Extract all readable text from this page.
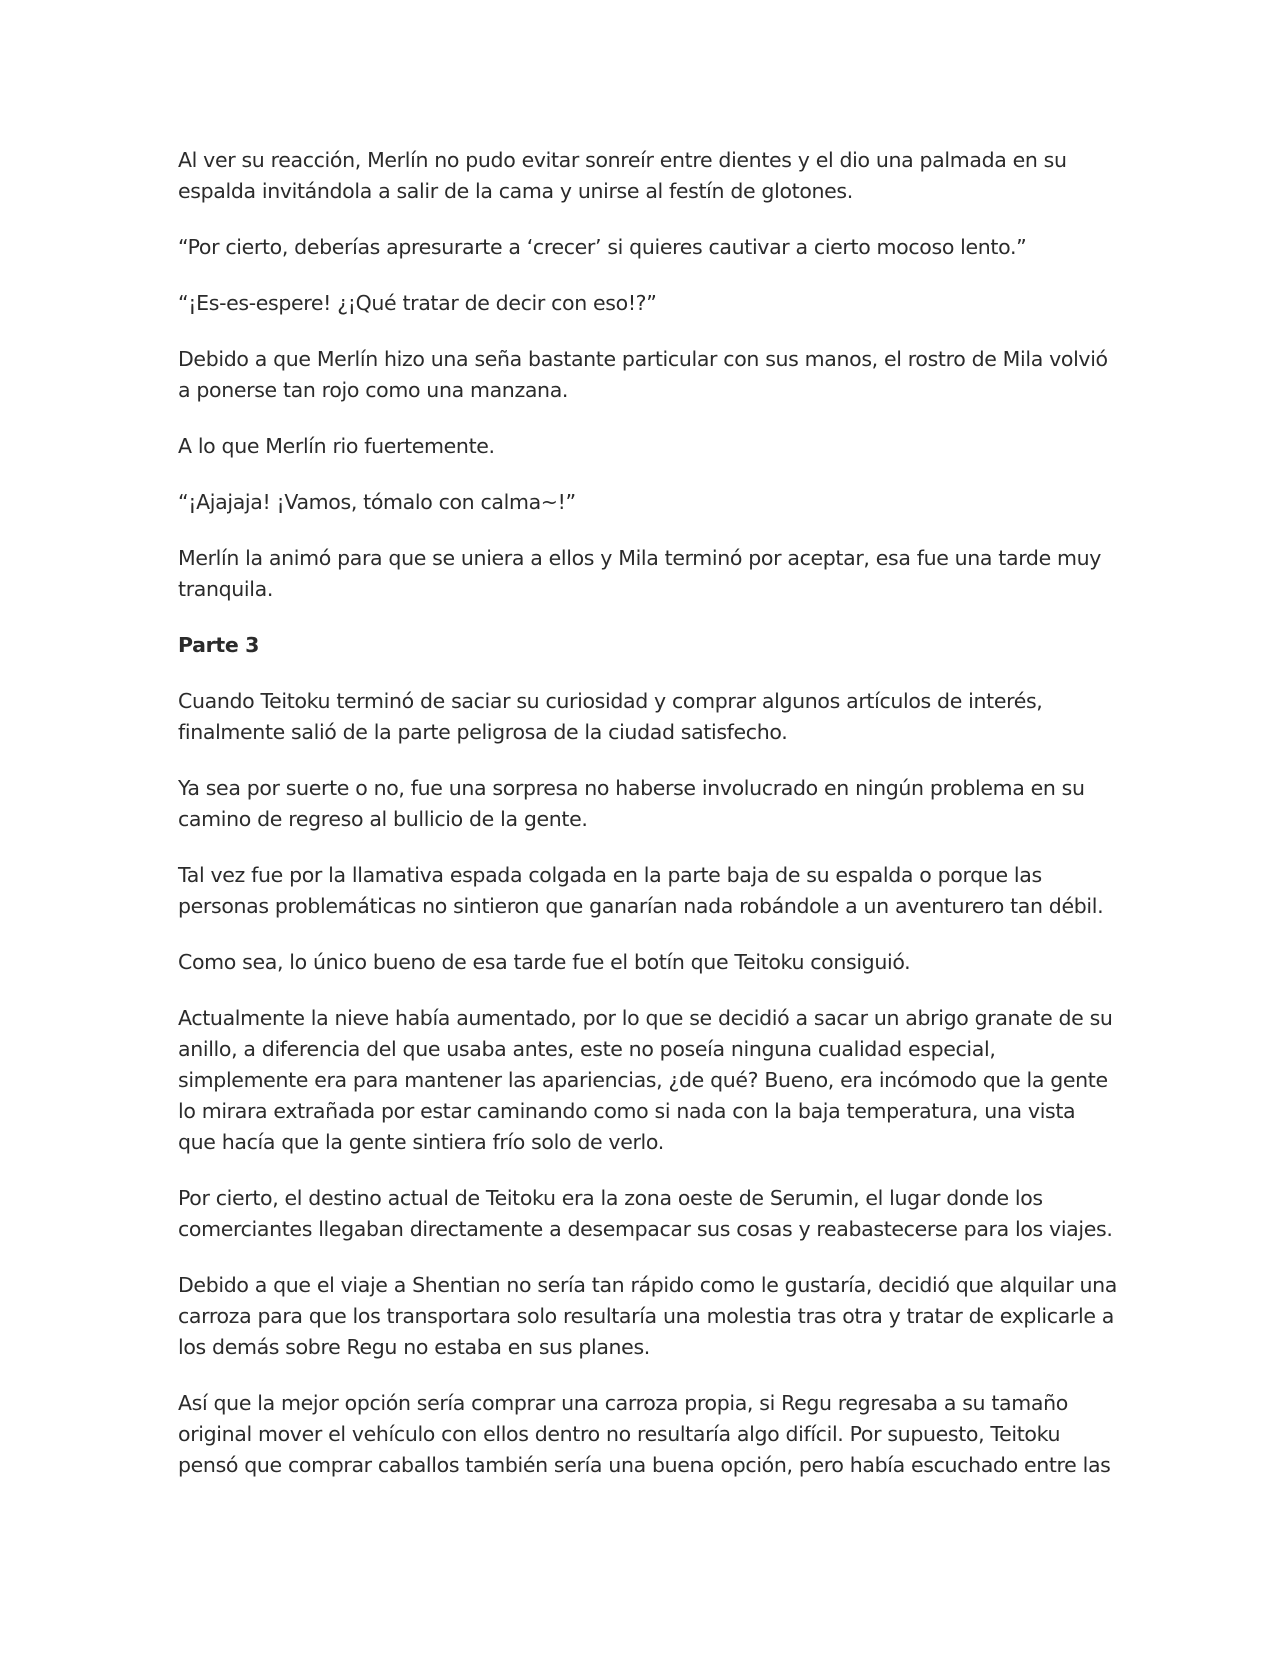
Al ver su reacción, Merlín no pudo evitar sonreír entre dientes y el dio una palmada en su espalda invitándola a salir de la cama y unirse al festín de glotones.

“Por cierto, deberías apresurarte a ‘crecer’ si quieres cautivar a cierto mocoso lento.”

“¡Es-es-espere! ¿¡Qué tratar de decir con eso!?”

Debido a que Merlín hizo una seña bastante particular con sus manos, el rostro de Mila volvió a ponerse tan rojo como una manzana.

A lo que Merlín rio fuertemente.

“¡Ajajaja! ¡Vamos, tómalo con calma~!”

Merlín la animó para que se uniera a ellos y Mila terminó por aceptar, esa fue una tarde muy tranquila.

Parte 3

Cuando Teitoku terminó de saciar su curiosidad y comprar algunos artículos de interés, finalmente salió de la parte peligrosa de la ciudad satisfecho.

Ya sea por suerte o no, fue una sorpresa no haberse involucrado en ningún problema en su camino de regreso al bullicio de la gente.

Tal vez fue por la llamativa espada colgada en la parte baja de su espalda o porque las personas problemáticas no sintieron que ganarían nada robándole a un aventurero tan débil.

Como sea, lo único bueno de esa tarde fue el botín que Teitoku consiguió.

Actualmente la nieve había aumentado, por lo que se decidió a sacar un abrigo granate de su anillo, a diferencia del que usaba antes, este no poseía ninguna cualidad especial, simplemente era para mantener las apariencias, ¿de qué? Bueno, era incómodo que la gente lo mirara extrañada por estar caminando como si nada con la baja temperatura, una vista que hacía que la gente sintiera frío solo de verlo.

Por cierto, el destino actual de Teitoku era la zona oeste de Serumin, el lugar donde los comerciantes llegaban directamente a desempacar sus cosas y reabastecerse para los viajes.

Debido a que el viaje a Shentian no sería tan rápido como le gustaría, decidió que alquilar una carroza para que los transportara solo resultaría una molestia tras otra y tratar de explicarle a los demás sobre Regu no estaba en sus planes.

Así que la mejor opción sería comprar una carroza propia, si Regu regresaba a su tamaño original mover el vehículo con ellos dentro no resultaría algo difícil. Por supuesto, Teitoku pensó que comprar caballos también sería una buena opción, pero había escuchado entre las
